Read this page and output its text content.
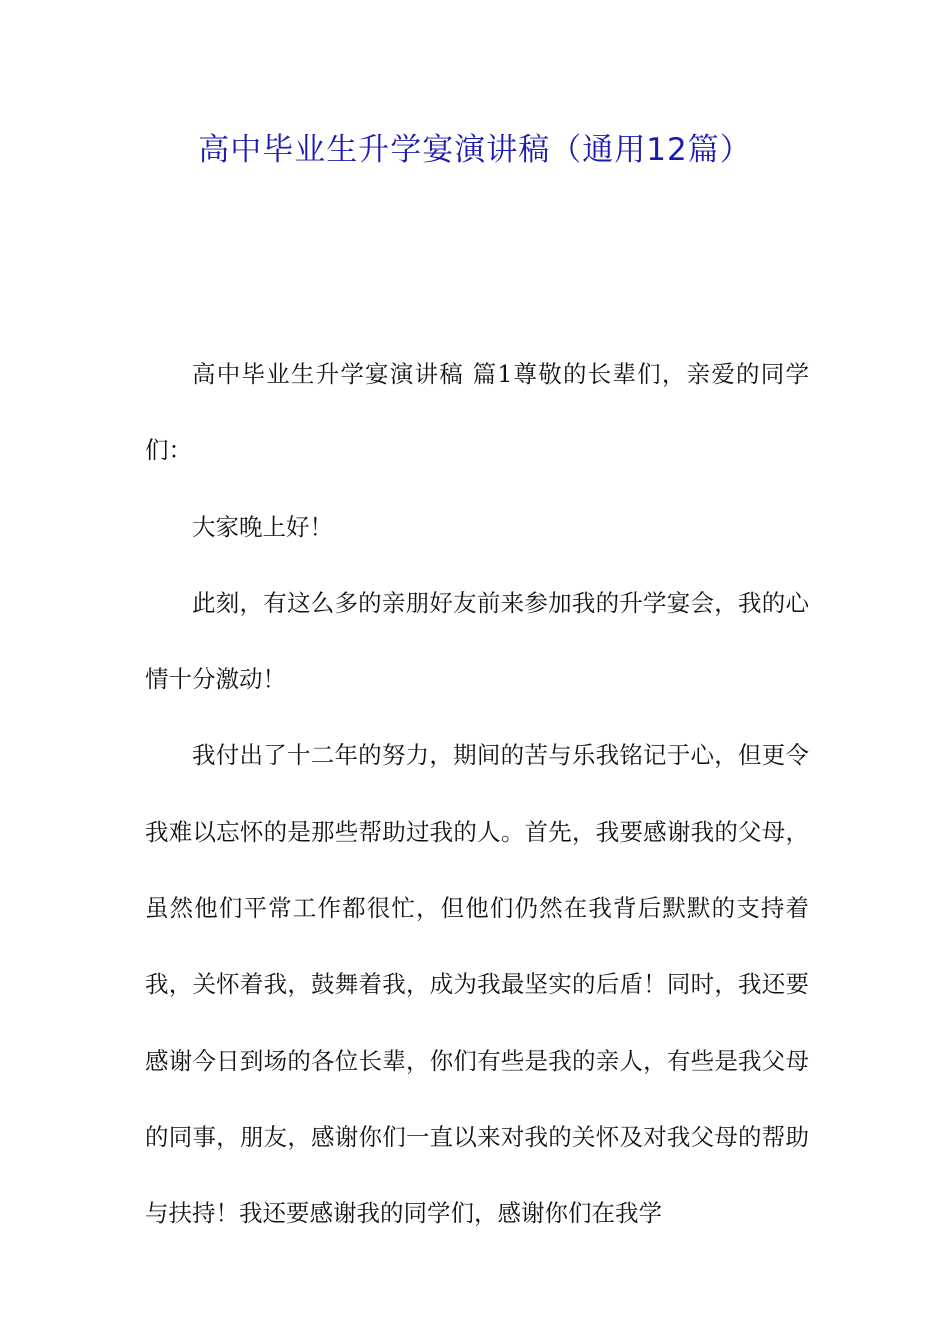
高中毕业生升学宴演讲稿（通用12篇）

高中毕业生升学宴演讲稿 篇1尊敬的长辈们，亲爱的同学们：

大家晚上好！

此刻，有这么多的亲朋好友前来参加我的升学宴会，我的心情十分激动！

我付出了十二年的努力，期间的苦与乐我铭记于心，但更令我难以忘怀的是那些帮助过我的人。首先，我要感谢我的父母，虽然他们平常工作都很忙，但他们仍然在我背后默默的支持着我，关怀着我，鼓舞着我，成为我最坚实的后盾！同时，我还要感谢今日到场的各位长辈，你们有些是我的亲人，有些是我父母的同事，朋友，感谢你们一直以来对我的关怀及对我父母的帮助与扶持！我还要感谢我的同学们，感谢你们在我学
